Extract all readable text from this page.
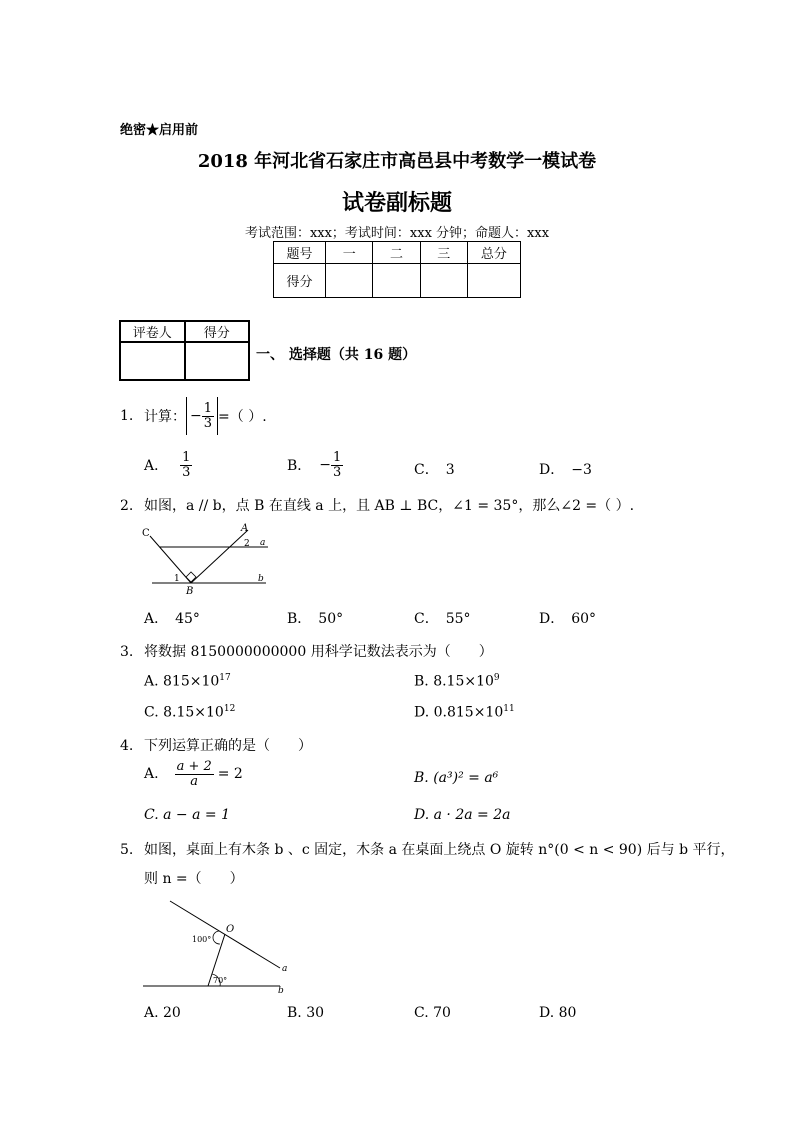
绝密★启用前
2018 年河北省石家庄市高邑县中考数学一模试卷
试卷副标题
考试范围：xxx；考试时间：xxx 分钟；命题人：xxx
题号	一	二	三	总分
得分				
评卷人	得分

一、 选择题（共 16 题）
1. 计算： − $\frac{1}{3}$ =（ ）.
A． $\frac{1}{3}$	B． − $\frac{1}{3}$	C．　3	D．　−3
2. 如图，a // b，点 B 在直线 a 上，且 AB ⊥ BC，∠1 = 35°，那么∠2 =（ ）.
C	A
2 a
1
B
b
A．　45°	B．　50°	C．　55°	D．　60°
3. 将数据 8150000000000 用科学记数法表示为（　　）
A. $815\times 10^{17}$	B. $8.15\times 10^9$
C. $8.15\times 10^{12}$	D. $0.815\times 10^{11}$
4. 下列运算正确的是（　　）
A. $\frac{a + 2}{a} = 2$	B. (a³)² = a⁶
C. a − a = 1	D. a · 2a = 2a
5. 如图，桌面上有木条 b 、c 固定，木条 a 在桌面上绕点 O 旋转 n°(0 < n < 90) 后与 b 平行，
则 n =（　　）
O
100°
70°
a
b
A. 20	B. 30	C. 70	D. 80
